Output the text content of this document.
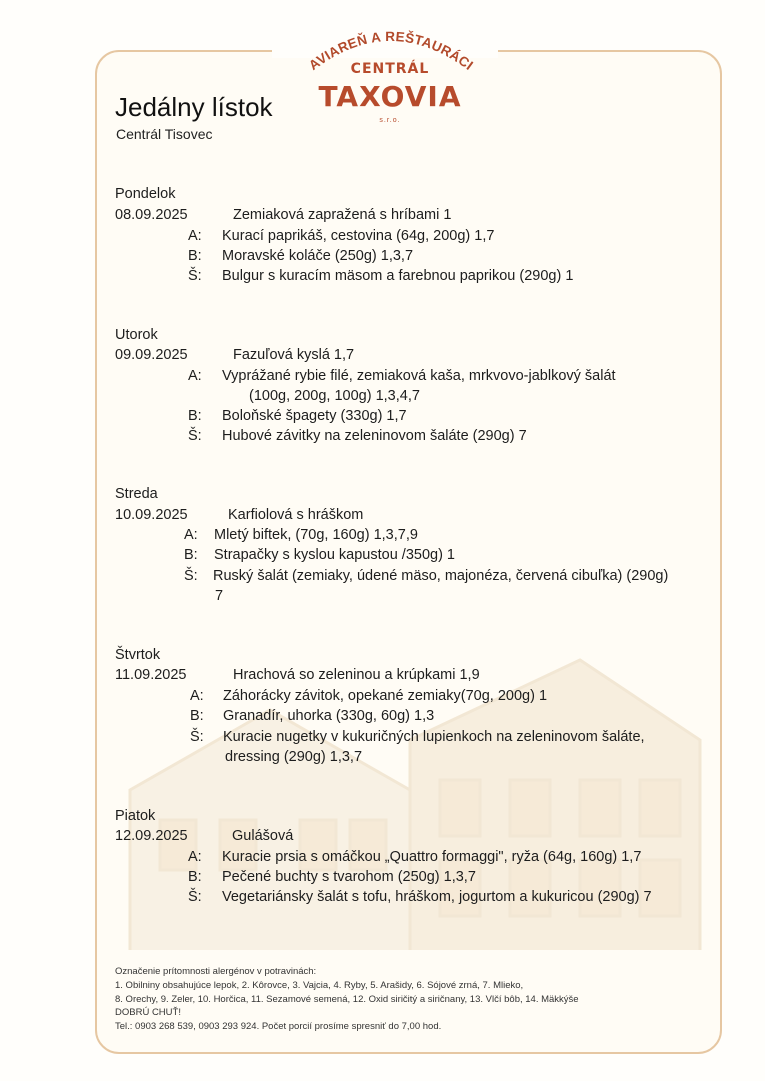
KAVIAREŇ A REŠTAURÁCIA
CENTRÁL
TAXOVIA
s.r.o.
Jedálny lístok
Centrál Tisovec
Pondelok
08.09.2025	Zemiaková zapražená s hríbami 1
A: Kurací paprikáš, cestovina (64g, 200g) 1,7
B: Moravské koláče (250g) 1,3,7
Š: Bulgur s kuracím mäsom a farebnou paprikou (290g) 1
Utorok
09.09.2025	Fazuľová kyslá 1,7
A: Vyprážané rybie filé, zemiaková kaša, mrkvovo-jablkový šalát
(100g, 200g, 100g) 1,3,4,7
B: Boloňské špagety (330g) 1,7
Š: Hubové závitky na zeleninovom šaláte (290g) 7
Streda
10.09.2025	Karfiolová s hráškom
A: Mletý biftek, (70g, 160g) 1,3,7,9
B: Strapačky s kyslou kapustou /350g) 1
Š: Ruský šalát (zemiaky, údené mäso, majonéza, červená cibuľka) (290g)
7
Štvrtok
11.09.2025	Hrachová so zeleninou a krúpkami 1,9
A: Záhorácky závitok, opekané zemiaky(70g, 200g) 1
B: Granadír, uhorka (330g, 60g) 1,3
Š: Kuracie nugetky v kukuričných lupienkoch na zeleninovom šaláte,
dressing (290g) 1,3,7
Piatok
12.09.2025	Gulášová
A: Kuracie prsia s omáčkou „Quattro formaggi", ryža (64g, 160g) 1,7
B: Pečené buchty s tvarohom (250g) 1,3,7
Š: Vegetariánsky šalát s tofu, hráškom, jogurtom a kukuricou (290g) 7
Označenie prítomnosti alergénov v potravinách:
1. Obilniny obsahujúce lepok, 2. Kôrovce, 3. Vajcia, 4. Ryby, 5. Arašidy, 6. Sójové zrná, 7. Mlieko,
8. Orechy, 9. Zeler, 10. Horčica, 11. Sezamové semená, 12. Oxid siričitý a siričnany, 13. Vlčí bôb, 14. Mäkkýše
DOBRÚ CHUŤ!
Tel.: 0903 268 539, 0903 293 924. Počet porcií prosíme spresniť do 7,00 hod.
